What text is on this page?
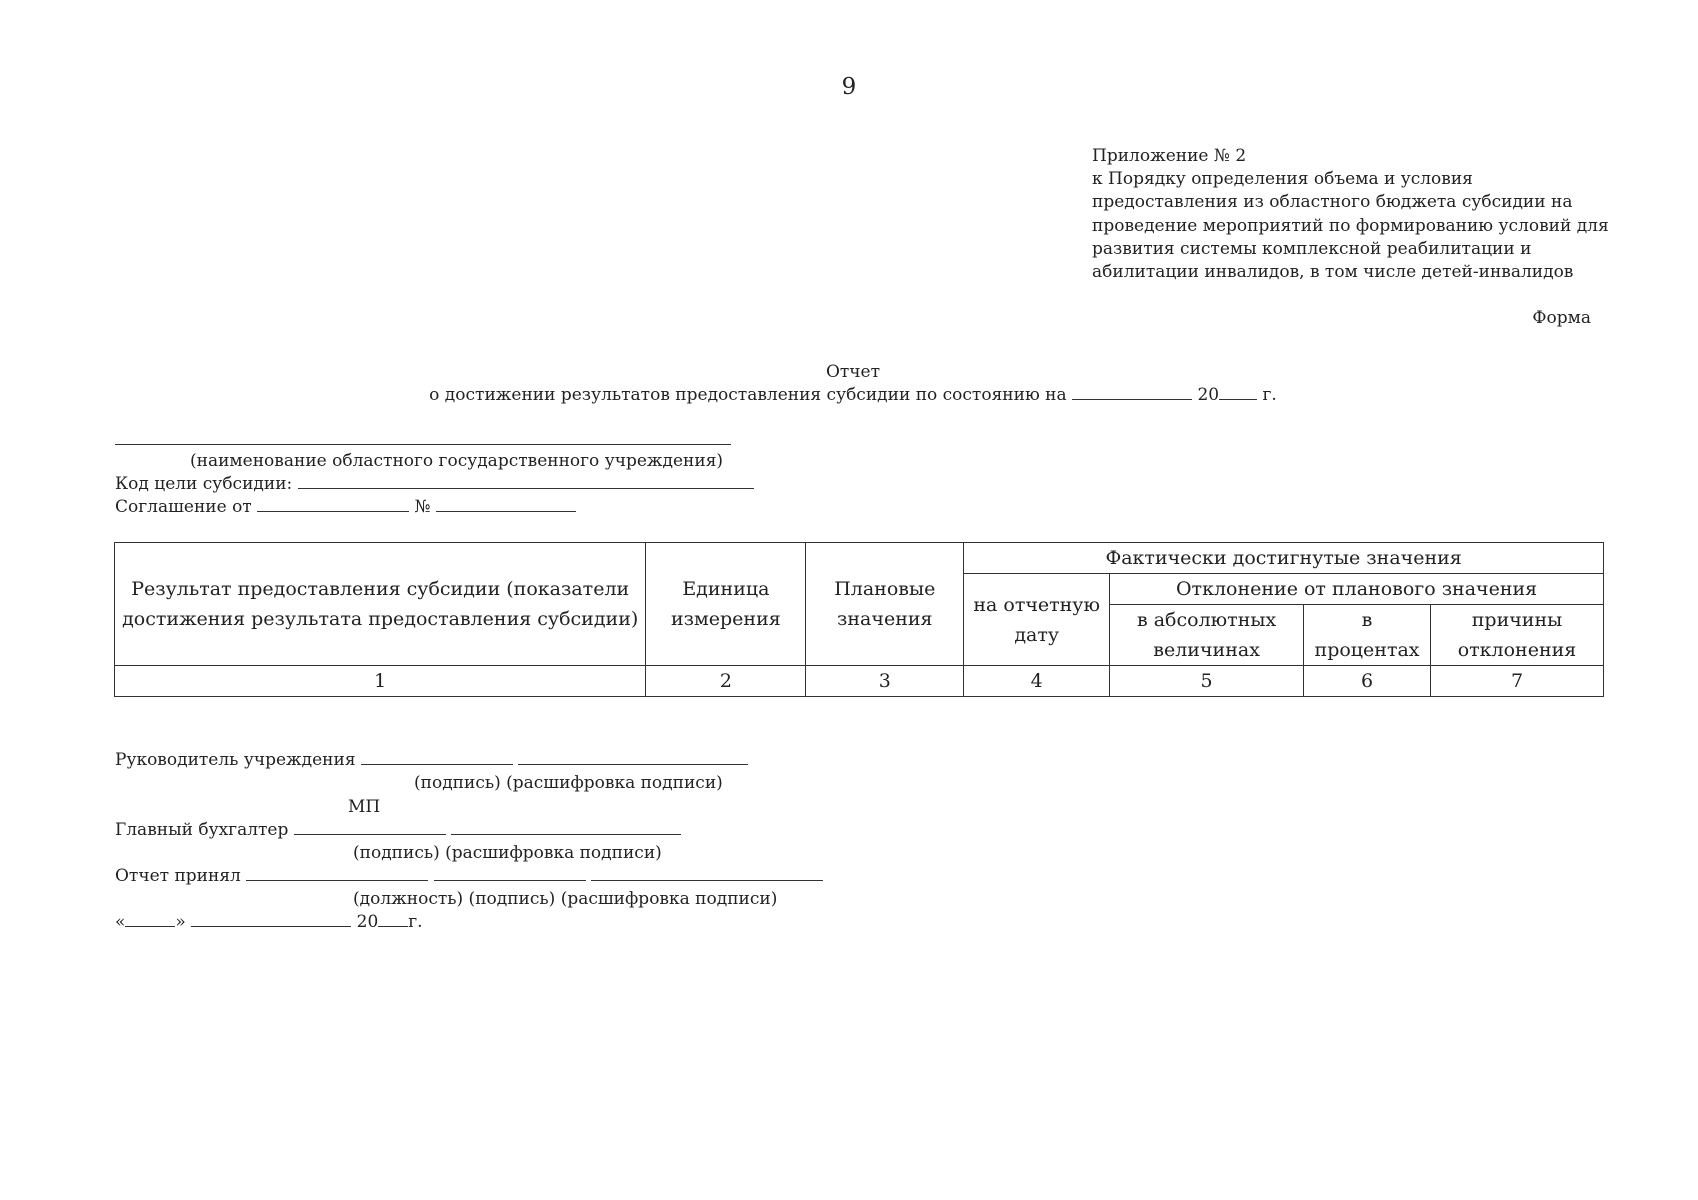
9
Приложение № 2
к Порядку определения объема и условия
предоставления из областного бюджета субсидии на
проведение мероприятий по формированию условий для
развития системы комплексной реабилитации и
абилитации инвалидов, в том числе детей-инвалидов
Форма
Отчет
о достижении результатов предоставления субсидии по состоянию на	20	г.
(наименование областного государственного учреждения)
Код цели субсидии:
Соглашение от	№
Результат предоставления субсидии (показатели достижения результата предоставления субсидии)	Единица измерения	Плановые значения	Фактически достигнутые значения			
			на отчетную дату	Отклонение от планового значения		
				в абсолютных величинах	в процентах	причины отклонения
1	2	3	4	5	6	7
Руководитель учреждения
(подпись) (расшифровка подписи)
МП
Главный бухгалтер
(подпись) (расшифровка подписи)
Отчет принял
(должность) (подпись) (расшифровка подписи)
«	»	20 г.
